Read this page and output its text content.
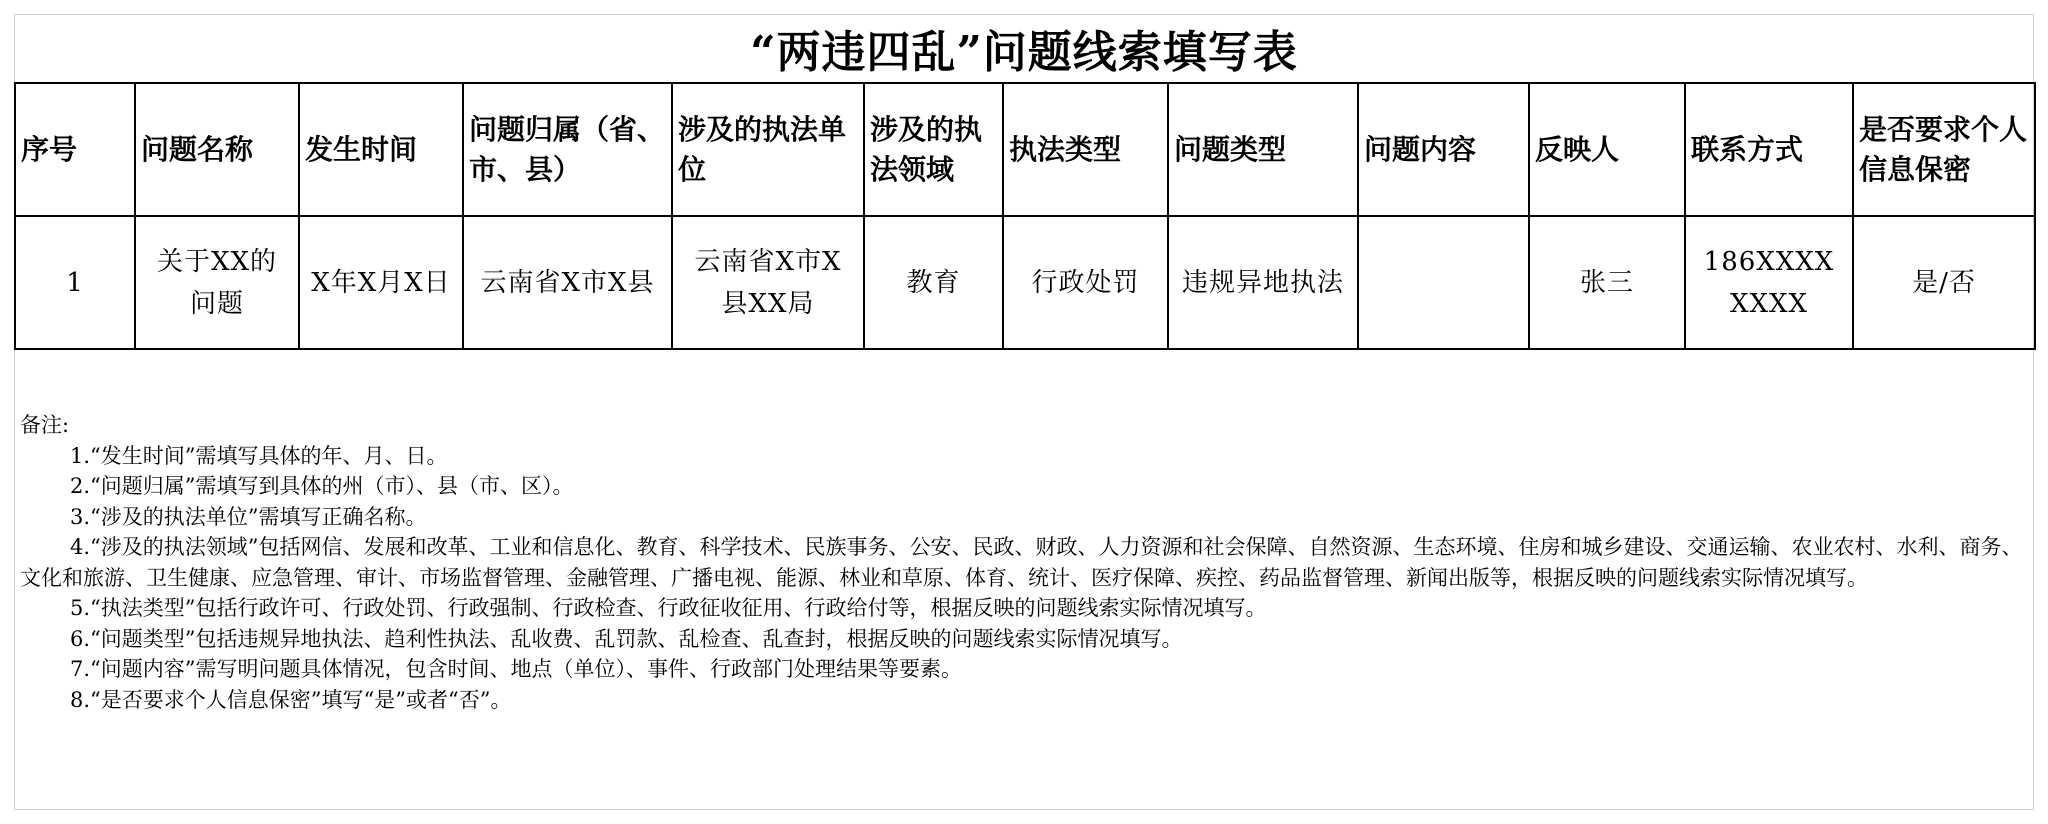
“两违四乱”问题线索填写表
序号	问题名称	发生时间	问题归属（省、市、县）	涉及的执法单位	涉及的执法领域	执法类型	问题类型	问题内容	反映人	联系方式	是否要求个人信息保密
1	关于XX的问题	X年X月X日	云南省X市X县	云南省X市X县XX局	教育	行政处罚	违规异地执法		张三	186XXXXXXXX	是/否
备注:
1.“发生时间”需填写具体的年、月、日。
2.“问题归属”需填写到具体的州（市）、县（市、区）。
3.“涉及的执法单位”需填写正确名称。
4.“涉及的执法领域”包括网信、发展和改革、工业和信息化、教育、科学技术、民族事务、公安、民政、财政、人力资源和社会保障、自然资源、生态环境、住房和城乡建设、交通运输、农业农村、水利、商务、文化和旅游、卫生健康、应急管理、审计、市场监督管理、金融管理、广播电视、能源、林业和草原、体育、统计、医疗保障、疾控、药品监督管理、新闻出版等，根据反映的问题线索实际情况填写。
5.“执法类型”包括行政许可、行政处罚、行政强制、行政检查、行政征收征用、行政给付等，根据反映的问题线索实际情况填写。
6.“问题类型”包括违规异地执法、趋利性执法、乱收费、乱罚款、乱检查、乱查封，根据反映的问题线索实际情况填写。
7.“问题内容”需写明问题具体情况，包含时间、地点（单位）、事件、行政部门处理结果等要素。
8.“是否要求个人信息保密”填写“是”或者“否”。
